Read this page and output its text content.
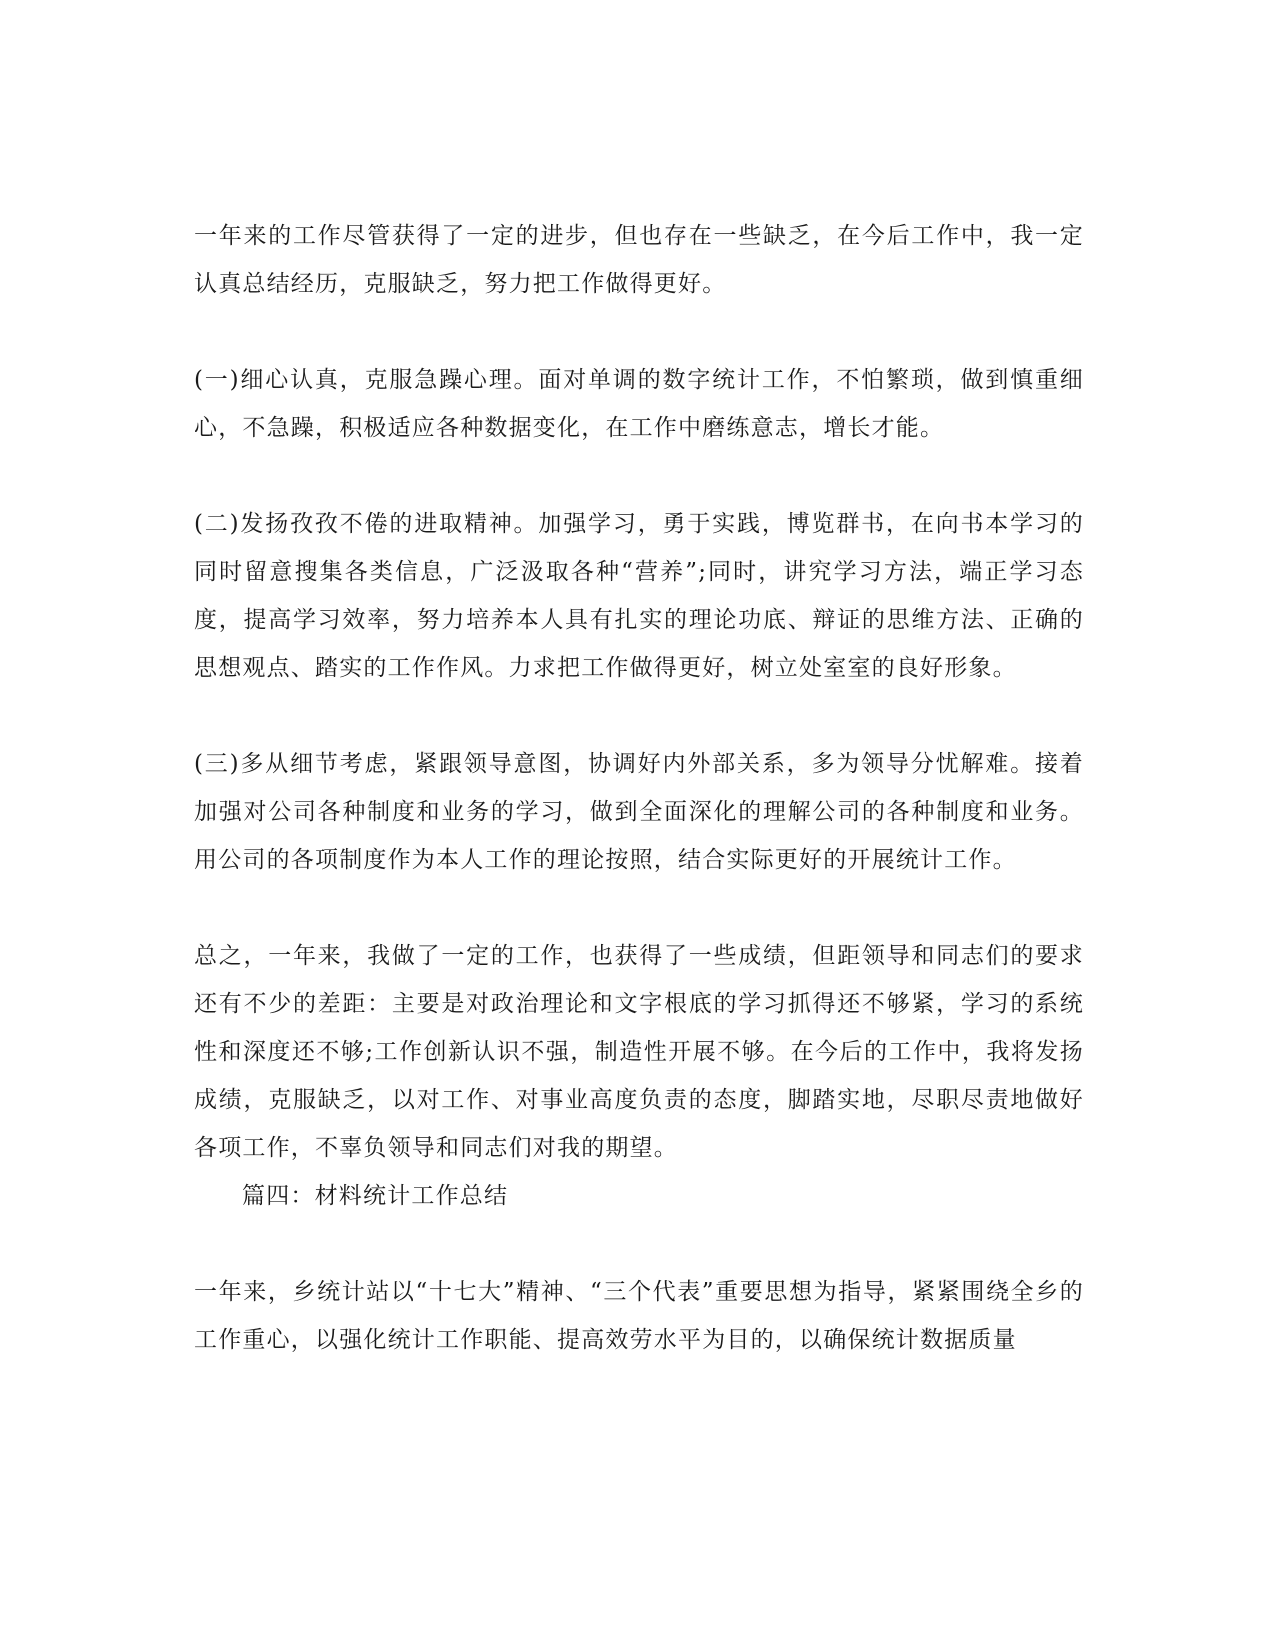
一年来的工作尽管获得了一定的进步，但也存在一些缺乏，在今后工作中，我一定认真总结经历，克服缺乏，努力把工作做得更好。

(一)细心认真，克服急躁心理。面对单调的数字统计工作，不怕繁琐，做到慎重细心，不急躁，积极适应各种数据变化，在工作中磨练意志，增长才能。

(二)发扬孜孜不倦的进取精神。加强学习，勇于实践，博览群书，在向书本学习的同时留意搜集各类信息，广泛汲取各种“营养”;同时，讲究学习方法，端正学习态度，提高学习效率，努力培养本人具有扎实的理论功底、辩证的思维方法、正确的思想观点、踏实的工作作风。力求把工作做得更好，树立处室室的良好形象。

(三)多从细节考虑，紧跟领导意图，协调好内外部关系，多为领导分忧解难。接着加强对公司各种制度和业务的学习，做到全面深化的理解公司的各种制度和业务。用公司的各项制度作为本人工作的理论按照，结合实际更好的开展统计工作。

总之，一年来，我做了一定的工作，也获得了一些成绩，但距领导和同志们的要求还有不少的差距：主要是对政治理论和文字根底的学习抓得还不够紧，学习的系统性和深度还不够;工作创新认识不强，制造性开展不够。在今后的工作中，我将发扬成绩，克服缺乏，以对工作、对事业高度负责的态度，脚踏实地，尽职尽责地做好各项工作，不辜负领导和同志们对我的期望。

篇四：材料统计工作总结

一年来，乡统计站以“十七大”精神、“三个代表”重要思想为指导，紧紧围绕全乡的工作重心，以强化统计工作职能、提高效劳水平为目的，以确保统计数据质量
